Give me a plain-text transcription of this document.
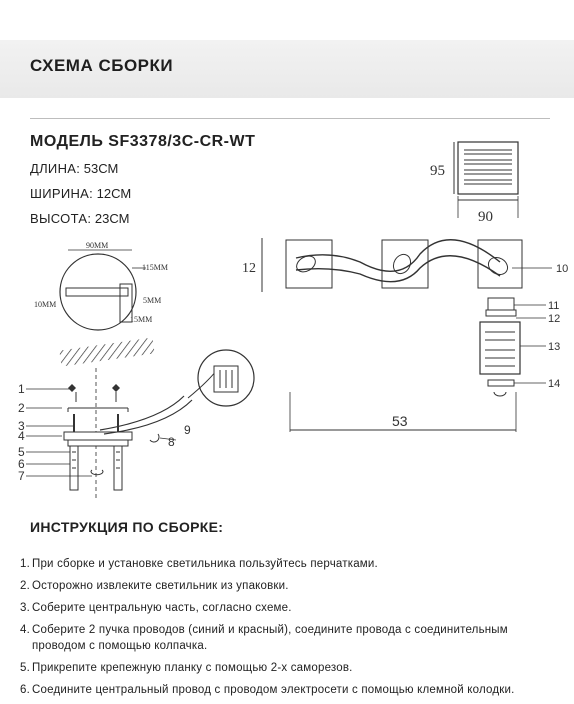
СХЕМА СБОРКИ
МОДЕЛЬ SF3378/3C-CR-WT
ДЛИНА: 53СМ
ШИРИНА: 12СМ
ВЫСОТА: 23СМ
95
90
90MM
115MM
10MM	5MM
15MM
12
53
1
2
3
4
5
6
7
8
9
10
11
12
13
14
ИНСТРУКЦИЯ ПО СБОРКЕ:
1. При сборке и установке светильника пользуйтесь перчатками.
2. Осторожно извлеките светильник из упаковки.
3. Соберите центральную часть, согласно схеме.
4. Соберите 2 пучка проводов (синий и красный), соедините провода с соединительным проводом с помощью колпачка.
5. Прикрепите крепежную планку с помощью 2-х саморезов.
6. Соедините центральный провод с проводом электросети с помощью клемной колодки.
